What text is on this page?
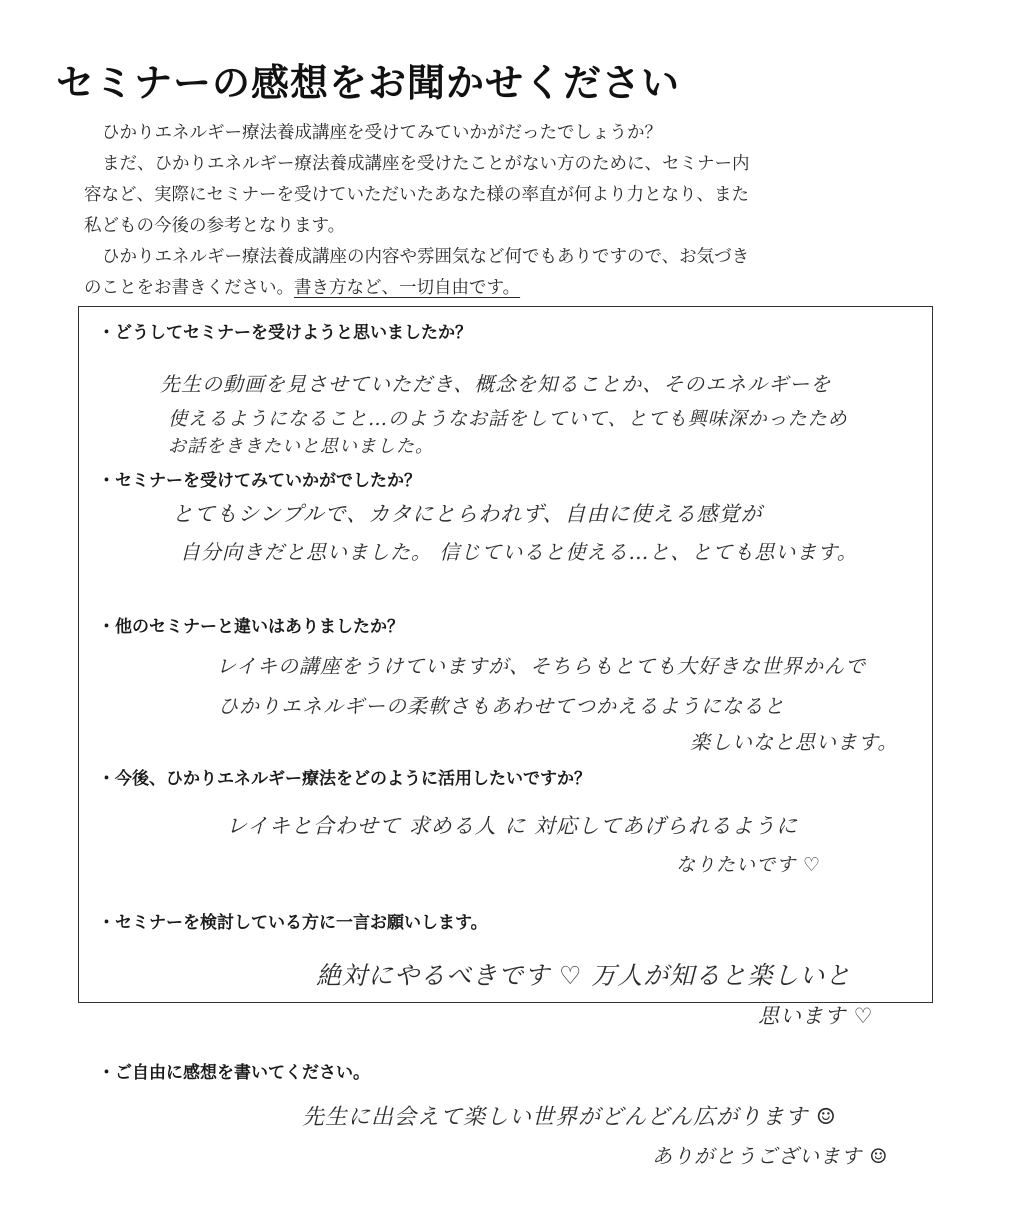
セミナーの感想をお聞かせください

ひかりエネルギー療法養成講座を受けてみていかがだったでしょうか？

まだ、ひかりエネルギー療法養成講座を受けたことがない方のために、セミナー内

容など、実際にセミナーを受けていただいたあなた様の率直が何より力となり、また

私どもの今後の参考となります。

ひかりエネルギー療法養成講座の内容や雰囲気など何でもありですので、お気づき

のことをお書きください。書き方など、一切自由です。

・どうしてセミナーを受けようと思いましたか？
先生の動画を見させていただき、概念を知ることか、そのエネルギーを
使えるようになること…のようなお話をしていて、とても興味深かったため
お話をききたいと思いました。
・セミナーを受けてみていかがでしたか？
とてもシンプルで、カタにとらわれず、自由に使える感覚が
自分向きだと思いました。 信じていると使える…と、とても思います。
・他のセミナーと違いはありましたか？
レイキの講座をうけていますが、そちらもとても大好きな世界かんで
ひかりエネルギーの柔軟さもあわせてつかえるようになると
楽しいなと思います。
・今後、ひかりエネルギー療法をどのように活用したいですか？
レイキと合わせて 求める人 に 対応してあげられるように
なりたいです ♡
・セミナーを検討している方に一言お願いします。
絶対にやるべきです ♡ 万人が知ると楽しいと
思います ♡
・ご自由に感想を書いてください。
先生に出会えて楽しい世界がどんどん広がります ☺
ありがとうございます ☺
